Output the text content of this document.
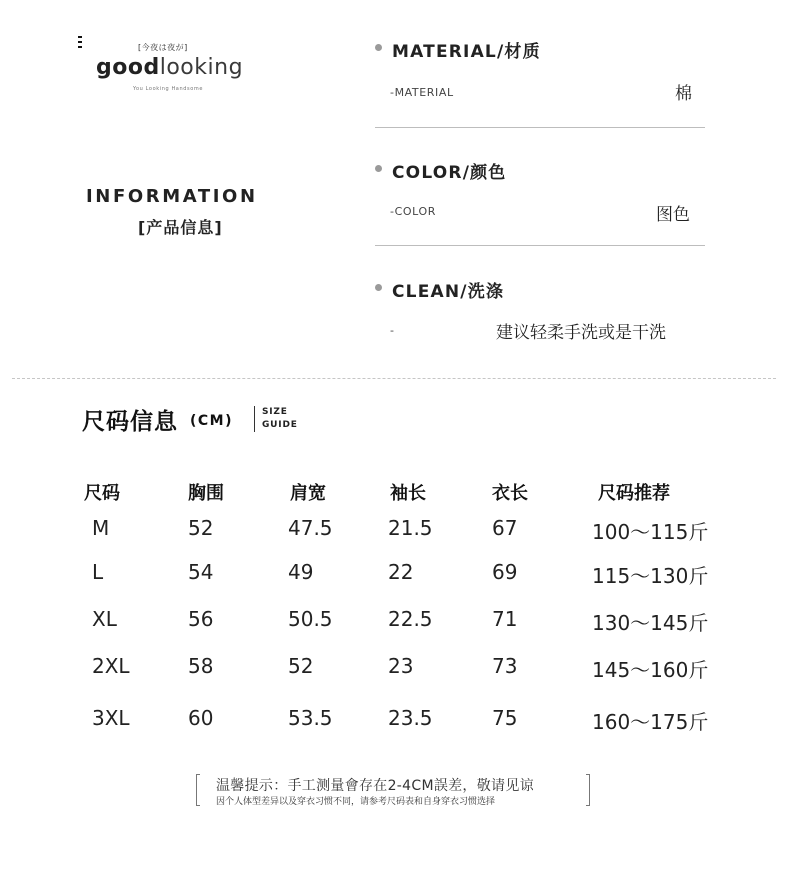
[今夜は夜が]
goodlooking
You Looking Handsome
INFORMATION
[产品信息]
MATERIAL/材质
-MATERIAL	棉
COLOR/颜色
-COLOR	图色
CLEAN/洗涤
-	建议轻柔手洗或是干洗
尺码信息 (CM)
SIZE
GUIDE
尺码	胸围	肩宽	袖长	衣长	尺码推荐
M	52	47.5	21.5	67	100～115斤
L	54	49	22	69	115～130斤
XL	56	50.5	22.5	71	130～145斤
2XL	58	52	23	73	145～160斤
3XL	60	53.5	23.5	75	160～175斤
温馨提示：手工测量會存在2-4CM誤差，敬请见谅
因个人体型差异以及穿衣习惯不同，请参考尺码表和自身穿衣习惯选择
